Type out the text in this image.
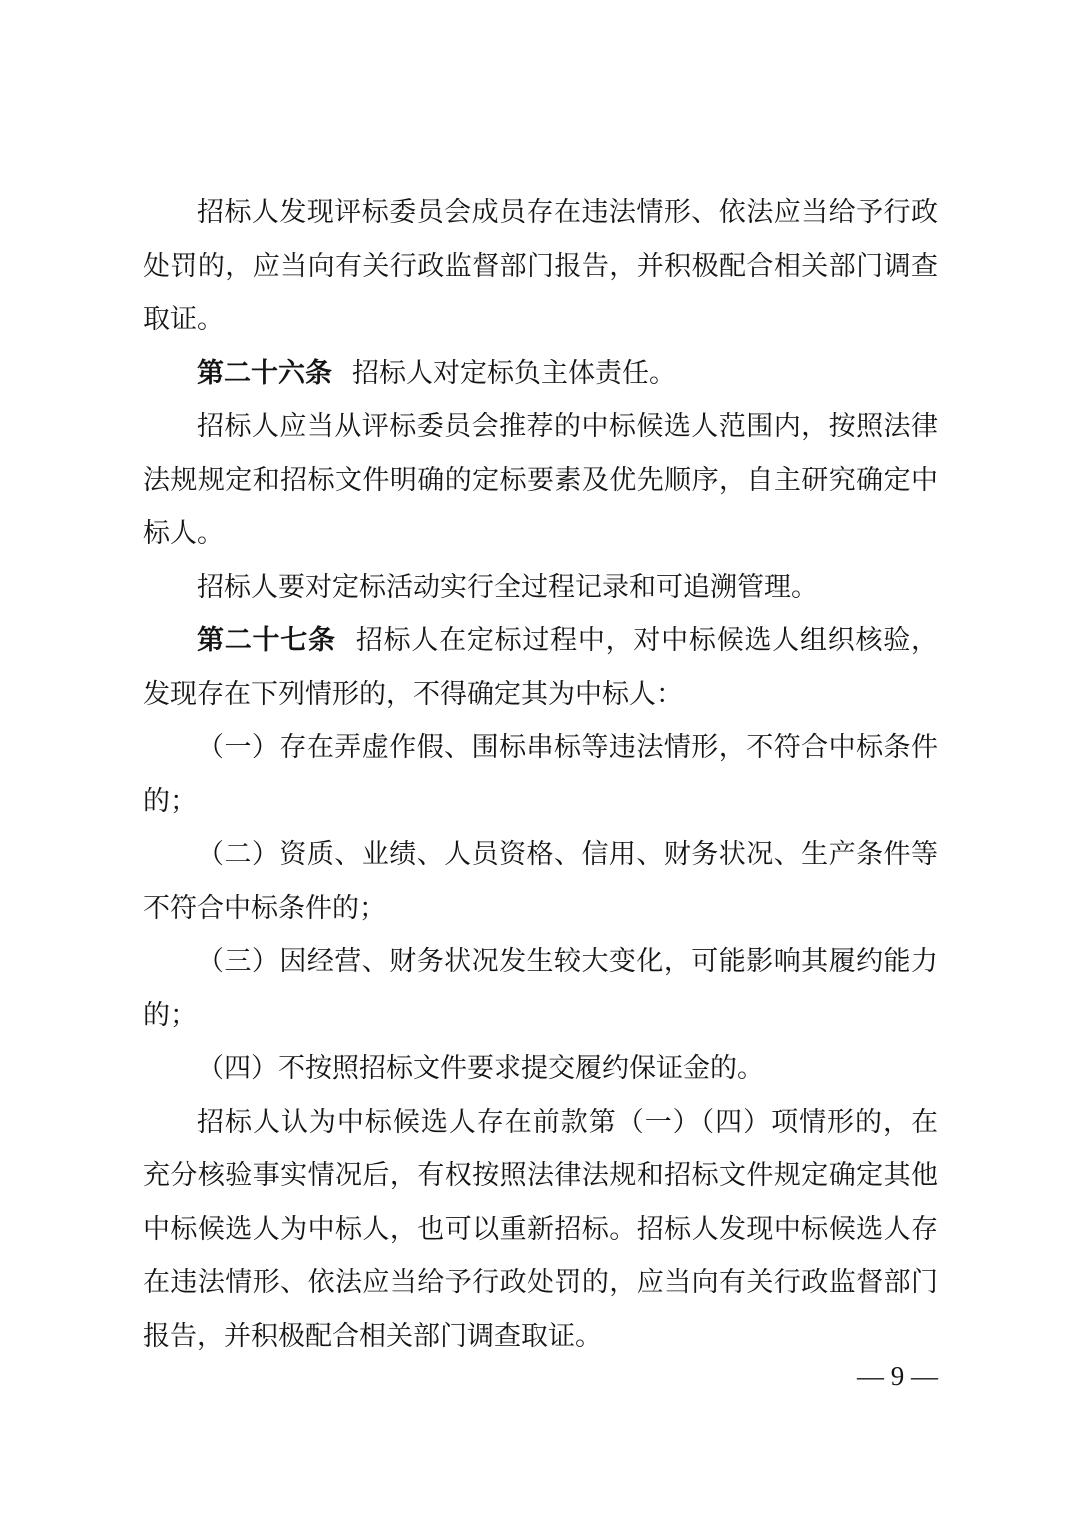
招标人发现评标委员会成员存在违法情形、依法应当给予行政处罚的，应当向有关行政监督部门报告，并积极配合相关部门调查取证。

第二十六条 招标人对定标负主体责任。

招标人应当从评标委员会推荐的中标候选人范围内，按照法律法规规定和招标文件明确的定标要素及优先顺序，自主研究确定中标人。

招标人要对定标活动实行全过程记录和可追溯管理。

第二十七条 招标人在定标过程中，对中标候选人组织核验，发现存在下列情形的，不得确定其为中标人：

（一）存在弄虚作假、围标串标等违法情形，不符合中标条件的；

（二）资质、业绩、人员资格、信用、财务状况、生产条件等不符合中标条件的；

（三）因经营、财务状况发生较大变化，可能影响其履约能力的；

（四）不按照招标文件要求提交履约保证金的。

招标人认为中标候选人存在前款第（一）（四）项情形的，在充分核验事实情况后，有权按照法律法规和招标文件规定确定其他中标候选人为中标人，也可以重新招标。招标人发现中标候选人存在违法情形、依法应当给予行政处罚的，应当向有关行政监督部门报告，并积极配合相关部门调查取证。

— 9 —
